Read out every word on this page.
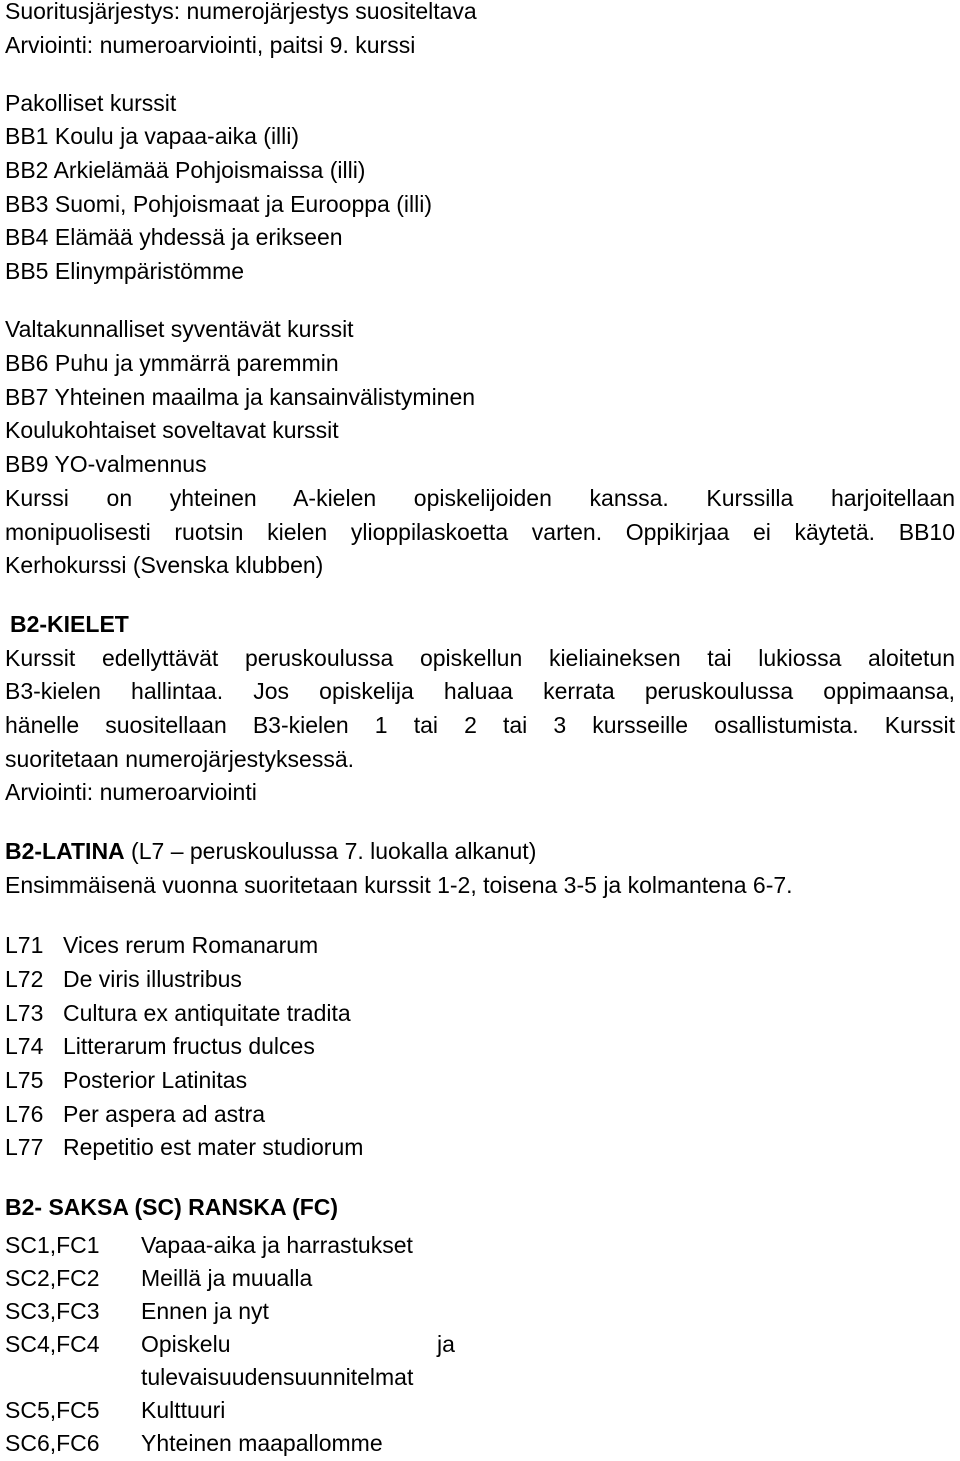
Suoritusjärjestys: numerojärjestys suositeltava
Arviointi: numeroarviointi, paitsi 9. kurssi
Pakolliset kurssit
BB1 Koulu ja vapaa-aika (illi)
BB2 Arkielämää Pohjoismaissa (illi)
BB3 Suomi, Pohjoismaat ja Eurooppa (illi)
BB4 Elämää yhdessä ja erikseen
BB5 Elinympäristömme
Valtakunnalliset syventävät kurssit
BB6 Puhu ja ymmärrä paremmin
BB7 Yhteinen maailma ja kansainvälistyminen
Koulukohtaiset soveltavat kurssit
BB9 YO-valmennus
Kurssi on yhteinen A-kielen opiskelijoiden kanssa. Kurssilla harjoitellaan
monipuolisesti ruotsin kielen ylioppilaskoetta varten. Oppikirjaa ei käytetä. BB10
Kerhokurssi (Svenska klubben)
B2-KIELET
Kurssit edellyttävät peruskoulussa opiskellun kieliaineksen tai lukiossa aloitetun
B3-kielen hallintaa. Jos opiskelija haluaa kerrata peruskoulussa oppimaansa,
hänelle suositellaan B3-kielen 1 tai 2 tai 3 kursseille osallistumista. Kurssit
suoritetaan numerojärjestyksessä.
Arviointi: numeroarviointi
B2-LATINA (L7 – peruskoulussa 7. luokalla alkanut)
Ensimmäisenä vuonna suoritetaan kurssit 1-2, toisena 3-5 ja kolmantena 6-7.
L71 Vices rerum Romanarum
L72 De viris illustribus
L73 Cultura ex antiquitate tradita
L74 Litterarum fructus dulces
L75 Posterior Latinitas
L76 Per aspera ad astra
L77 Repetitio est mater studiorum
B2- SAKSA (SC) RANSKA (FC)
SC1,FC1 Vapaa-aika ja harrastukset
SC2,FC2 Meillä ja muualla
SC3,FC3 Ennen ja nyt
SC4,FC4 Opiskelu	ja
tulevaisuudensuunnitelmat
SC5,FC5 Kulttuuri
SC6,FC6 Yhteinen maapallomme
